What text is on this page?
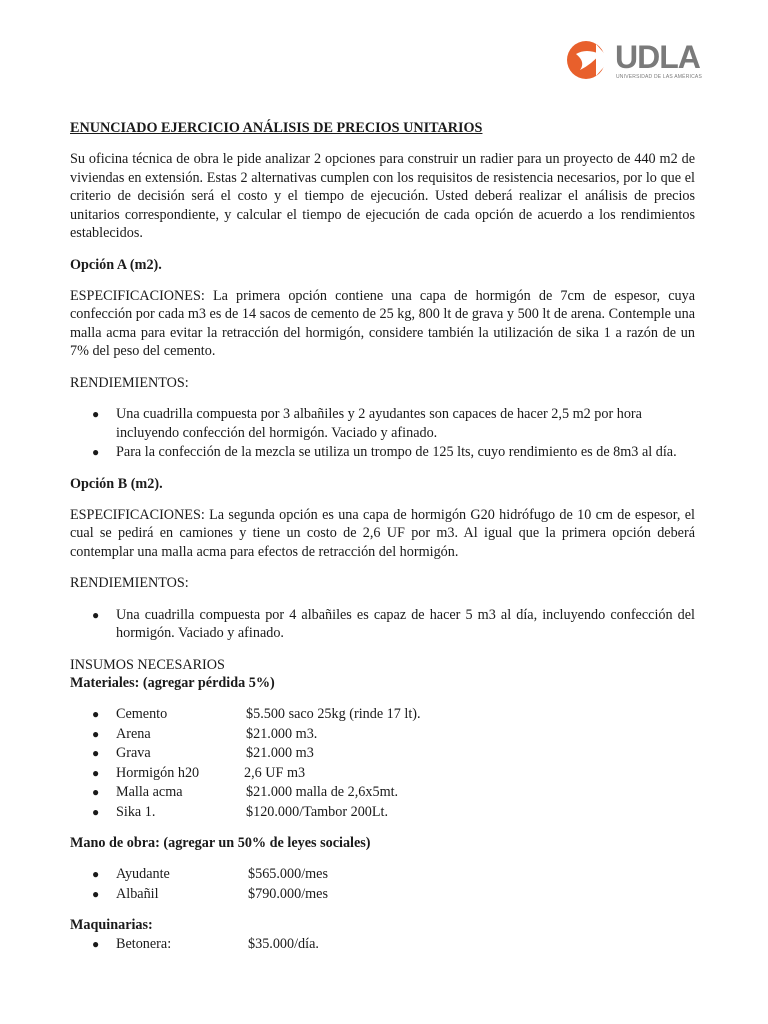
UDLA
UNIVERSIDAD DE LAS AMÉRICAS
ENUNCIADO EJERCICIO ANÁLISIS DE PRECIOS UNITARIOS

Su oficina técnica de obra le pide analizar 2 opciones para construir un radier para un proyecto de 440 m2 de viviendas en extensión. Estas 2 alternativas cumplen con los requisitos de resistencia necesarios, por lo que el criterio de decisión será el costo y el tiempo de ejecución. Usted deberá realizar el análisis de precios unitarios correspondiente, y calcular el tiempo de ejecución de cada opción de acuerdo a los rendimientos establecidos.

Opción A (m2).

ESPECIFICACIONES: La primera opción contiene una capa de hormigón de 7cm de espesor, cuya confección por cada m3 es de 14 sacos de cemento de 25 kg, 800 lt de grava y 500 lt de arena. Contemple una malla acma para evitar la retracción del hormigón, considere también la utilización de sika 1 a razón de un 7% del peso del cemento.

RENDIEMIENTOS:

● Una cuadrilla compuesta por 3 albañiles y 2 ayudantes son capaces de hacer 2,5 m2 por hora incluyendo confección del hormigón. Vaciado y afinado.
● Para la confección de la mezcla se utiliza un trompo de 125 lts, cuyo rendimiento es de 8m3 al día.
Opción B (m2).

ESPECIFICACIONES: La segunda opción es una capa de hormigón G20 hidrófugo de 10 cm de espesor, el cual se pedirá en camiones y tiene un costo de 2,6 UF por m3. Al igual que la primera opción deberá contemplar una malla acma para efectos de retracción del hormigón.

RENDIEMIENTOS:

● Una cuadrilla compuesta por 4 albañiles es capaz de hacer 5 m3 al día, incluyendo confección del hormigón. Vaciado y afinado.

INSUMOS NECESARIOS

Materiales: (agregar pérdida 5%)
● Cemento	$5.500 saco 25kg (rinde 17 lt).
● Arena	$21.000 m3.
● Grava	$21.000 m3
● Hormigón h20	2,6 UF m3
● Malla acma	$21.000 malla de 2,6x5mt.
● Sika 1.	$120.000/Tambor 200Lt.
Mano de obra: (agregar un 50% de leyes sociales)
● Ayudante	$565.000/mes
● Albañil	$790.000/mes
Maquinarias:
● Betonera:	$35.000/día.
